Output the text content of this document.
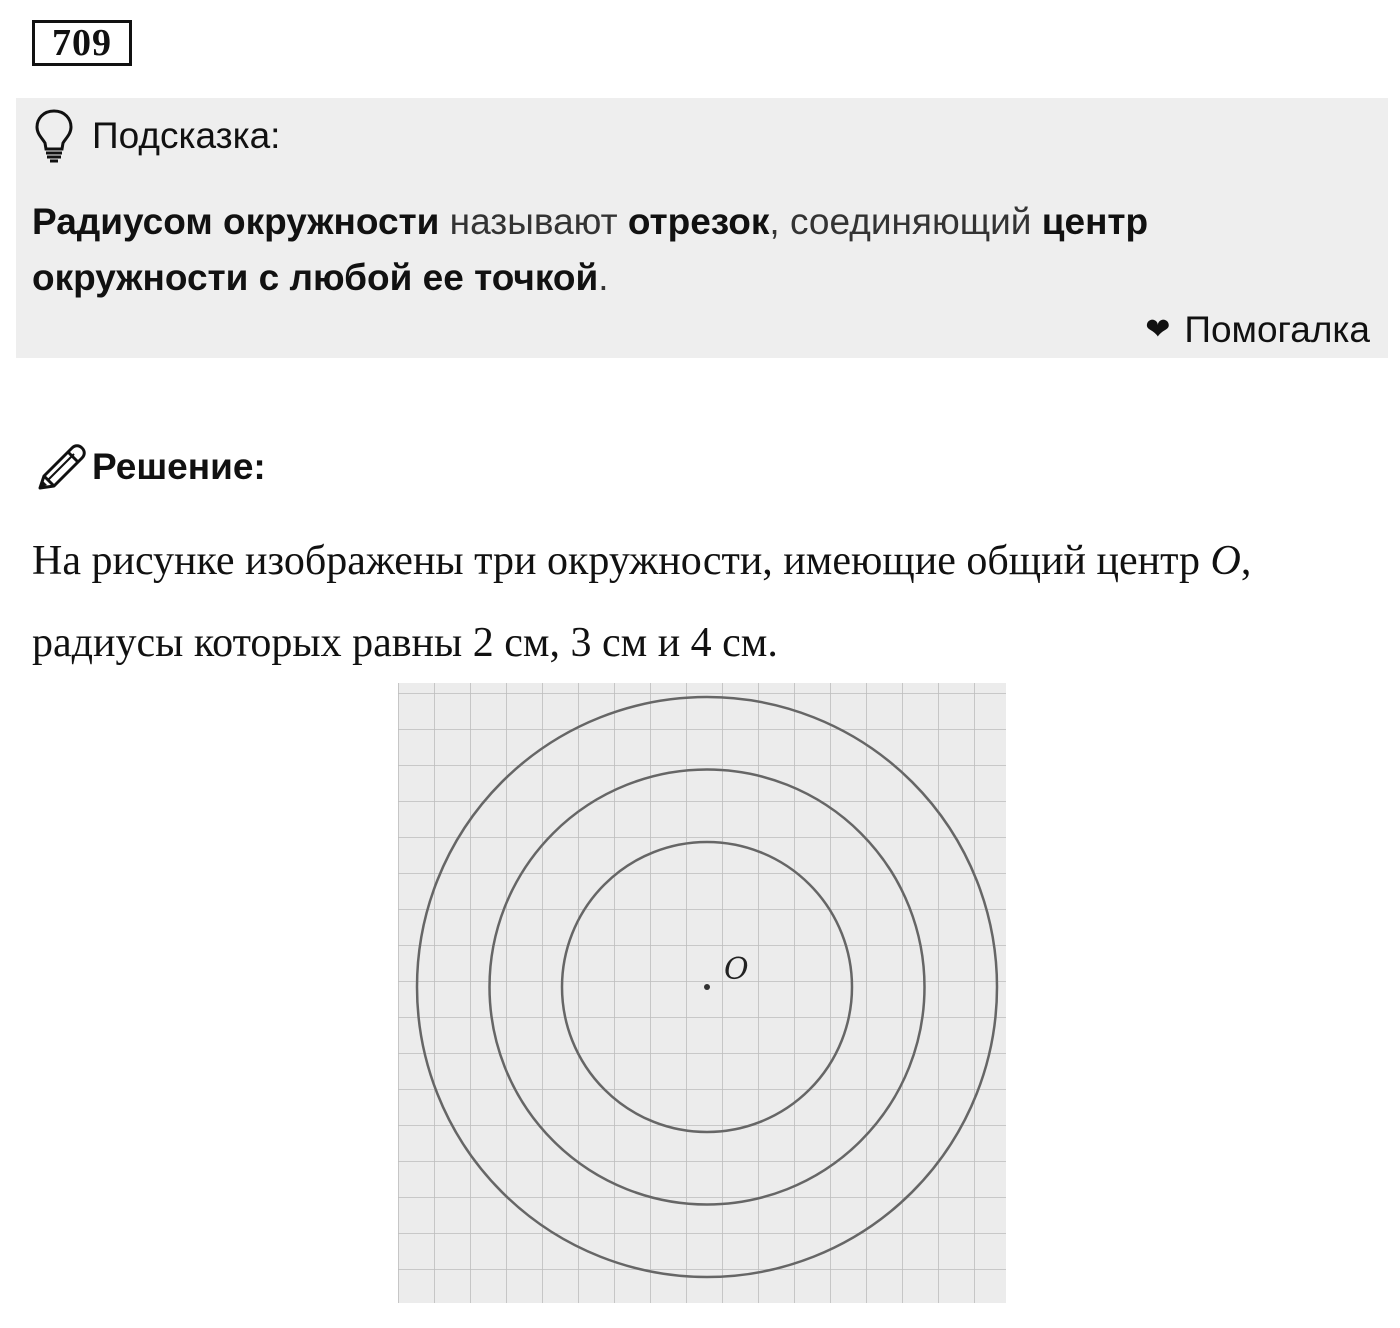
709
Подсказка:
Радиусом окружности называют отрезок, соединяющий центр окружности с любой ее точкой.
❤ Помогалка
Решение:
На рисунке изображены три окружности, имеющие общий центр O, радиусы которых равны 2 см, 3 см и 4 см.
O
